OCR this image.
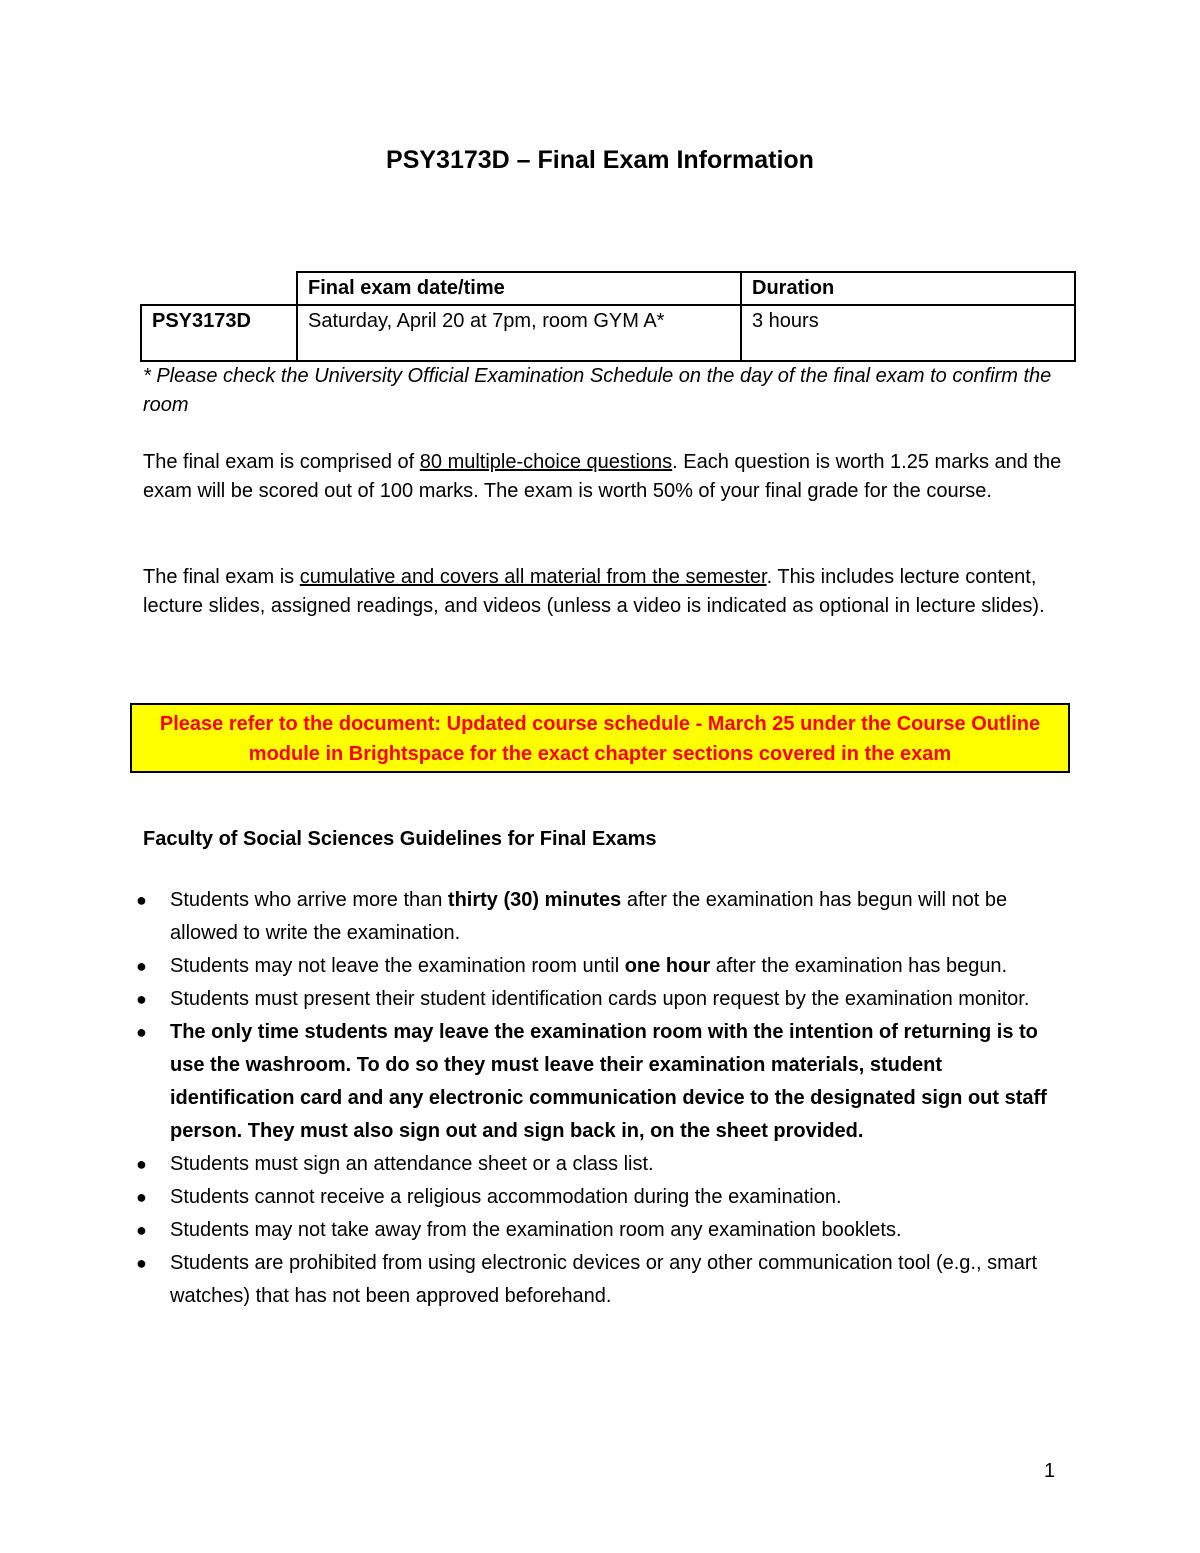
PSY3173D – Final Exam Information
	Final exam date/time	Duration
PSY3173D	Saturday, April 20 at 7pm, room GYM A*	3 hours
* Please check the University Official Examination Schedule on the day of the final exam to confirm the room
The final exam is comprised of 80 multiple-choice questions. Each question is worth 1.25 marks and the exam will be scored out of 100 marks. The exam is worth 50% of your final grade for the course.
The final exam is cumulative and covers all material from the semester. This includes lecture content, lecture slides, assigned readings, and videos (unless a video is indicated as optional in lecture slides).
Please refer to the document: Updated course schedule - March 25 under the Course Outline
module in Brightspace for the exact chapter sections covered in the exam
Faculty of Social Sciences Guidelines for Final Exams
● Students who arrive more than thirty (30) minutes after the examination has begun will not be allowed to write the examination.
● Students may not leave the examination room until one hour after the examination has begun.
● Students must present their student identification cards upon request by the examination monitor.
● The only time students may leave the examination room with the intention of returning is to use the washroom. To do so they must leave their examination materials, student identification card and any electronic communication device to the designated sign out staff person. They must also sign out and sign back in, on the sheet provided.
● Students must sign an attendance sheet or a class list.
● Students cannot receive a religious accommodation during the examination.
● Students may not take away from the examination room any examination booklets.
● Students are prohibited from using electronic devices or any other communication tool (e.g., smart watches) that has not been approved beforehand.
1
